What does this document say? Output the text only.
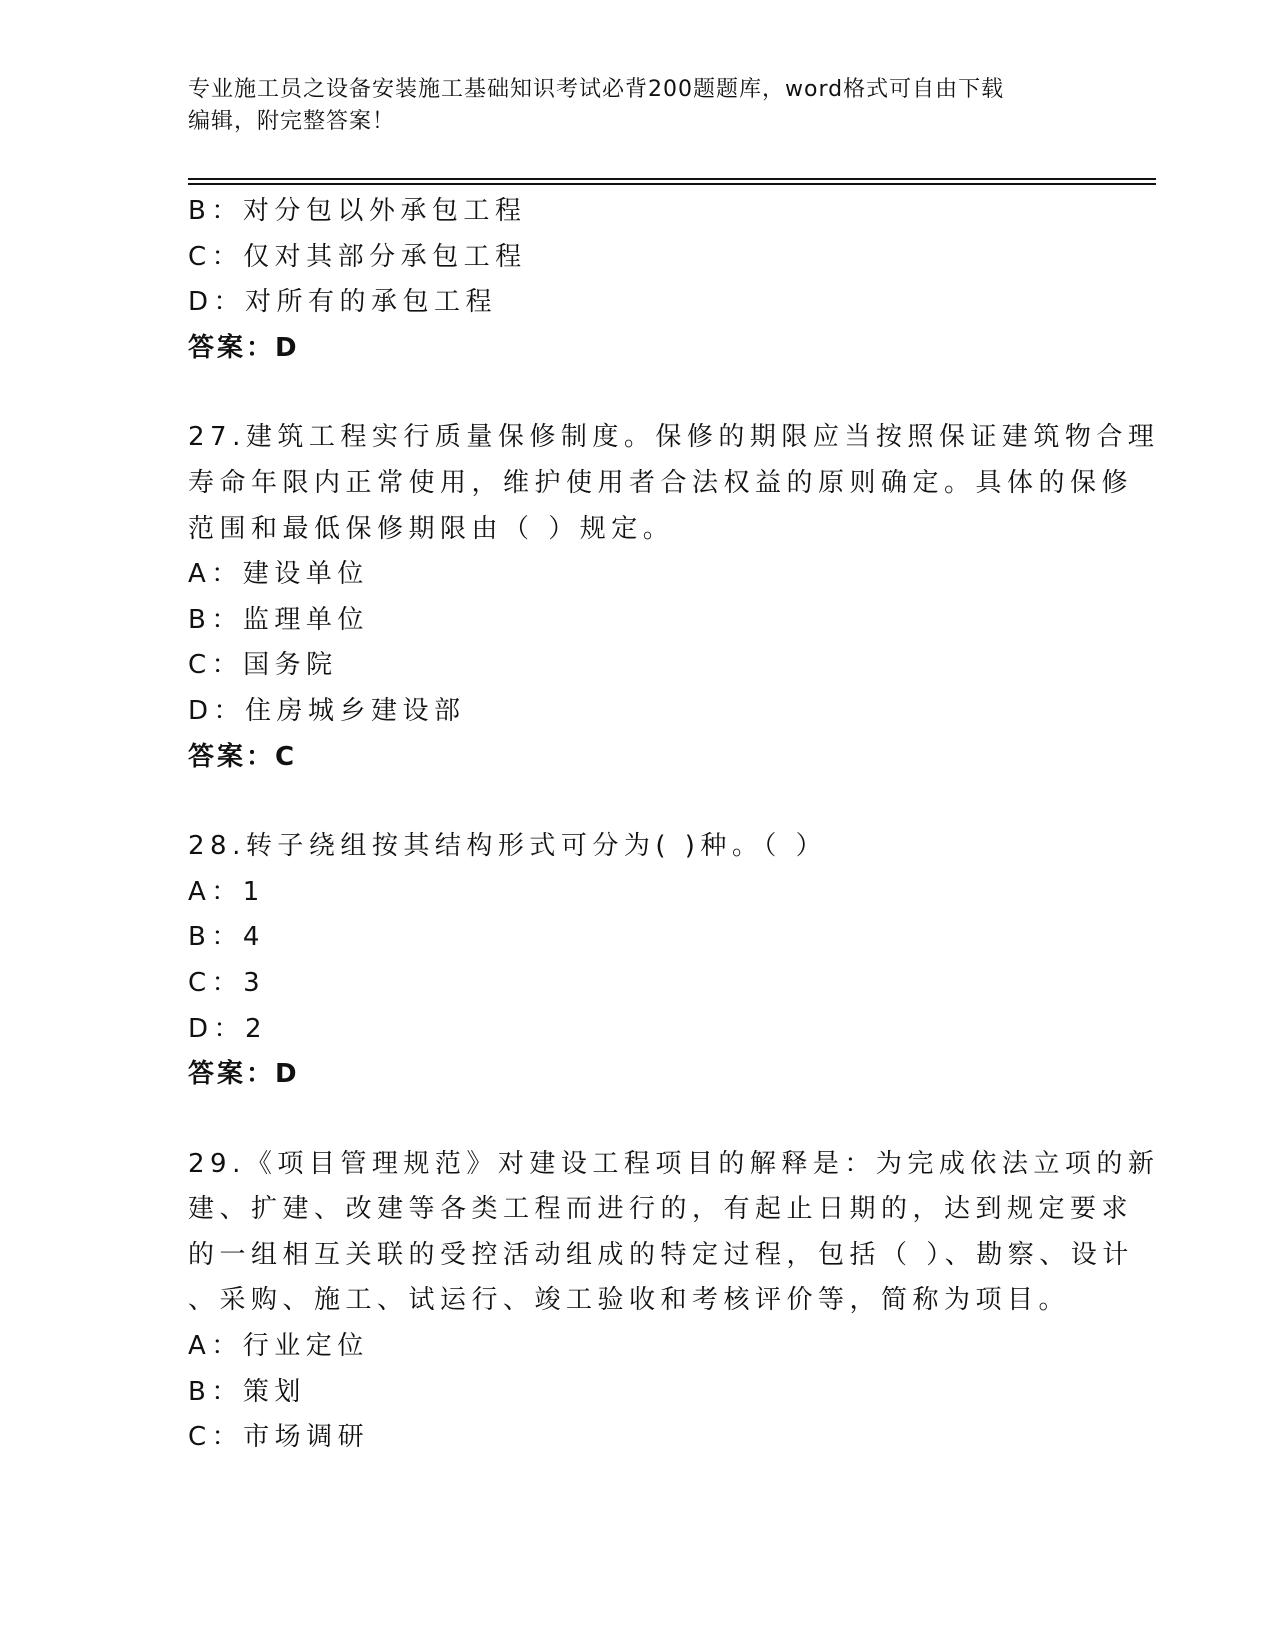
专业施工员之设备安装施工基础知识考试必背200题题库，word格式可自由下载
编辑，附完整答案！
B：对分包以外承包工程
C：仅对其部分承包工程
D：对所有的承包工程
答案：D
27.建筑工程实行质量保修制度。保修的期限应当按照保证建筑物合理
寿命年限内正常使用，维护使用者合法权益的原则确定。具体的保修
范围和最低保修期限由（ ）规定。
A：建设单位
B：监理单位
C：国务院
D：住房城乡建设部
答案：C
28.转子绕组按其结构形式可分为( )种。（ ）
A：1
B：4
C：3
D：2
答案：D
29.《项目管理规范》对建设工程项目的解释是：为完成依法立项的新
建、扩建、改建等各类工程而进行的，有起止日期的，达到规定要求
的一组相互关联的受控活动组成的特定过程，包括（ ）、勘察、设计
、采购、施工、试运行、竣工验收和考核评价等，简称为项目。
A：行业定位
B：策划
C：市场调研
